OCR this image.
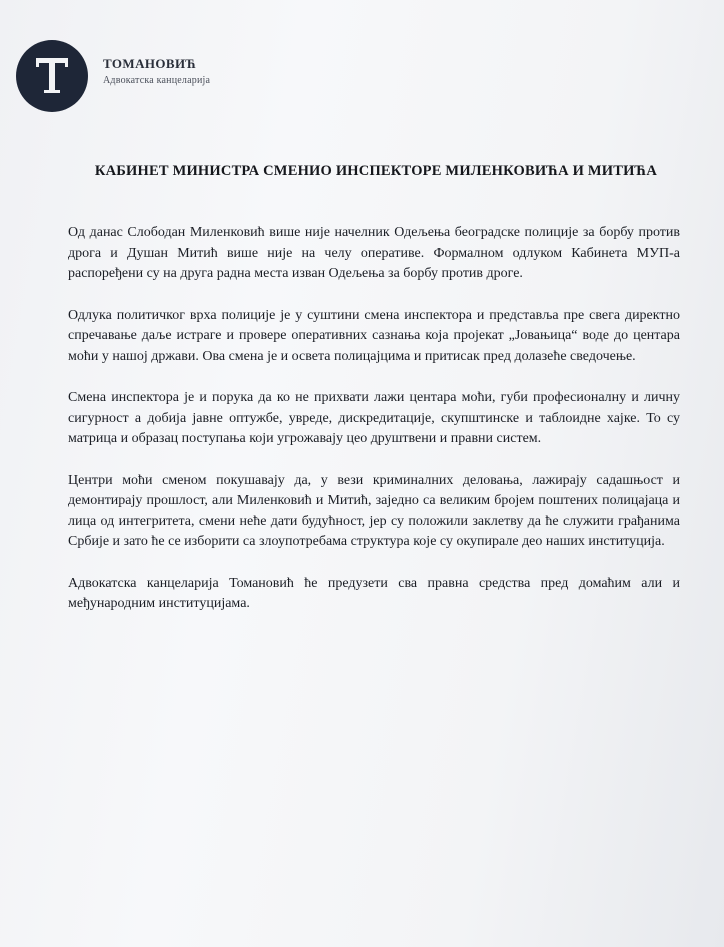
ТОМАНОВИЋ
Адвокатска канцеларија
КАБИНЕТ МИНИСТРА СМЕНИО ИНСПЕКТОРЕ МИЛЕНКОВИЋА И МИТИЋА

Од данас Слободан Миленковић више није начелник Одељења београдске полиције за борбу против дрога и Душан Митић више није на челу оперативе. Формалном одлуком Кабинета МУП-а распоређени су на друга радна места изван Одељења за борбу против дроге.

Одлука политичког врха полиције је у суштини смена инспектора и представља пре свега директно спречавање даље истраге и провере оперативних сазнања која пројекат „Јовањица“ воде до центара моћи у нашој држави. Ова смена је и освета полицајцима и притисак пред долазеће сведочење.

Смена инспектора је и порука да ко не прихвати лажи центара моћи, губи професионалну и личну сигурност а добија јавне оптужбе, увреде, дискредитације, скупштинске и таблоидне хајке. То су матрица и образац поступања који угрожавају цео друштвени и правни систем.

Центри моћи сменом покушавају да, у вези криминалних деловања, лажирају садашњост и демонтирају прошлост, али Миленковић и Митић, заједно са великим бројем поштених полицајаца и лица од интегритета, смени неће дати будућност, јер су положили заклетву да ће служити грађанима Србије и зато ће се изборити са злоупотребама структура које су окупирале део наших институција.

Адвокатска канцеларија Томановић ће предузети сва правна средства пред домаћим али и међународним институцијама.
